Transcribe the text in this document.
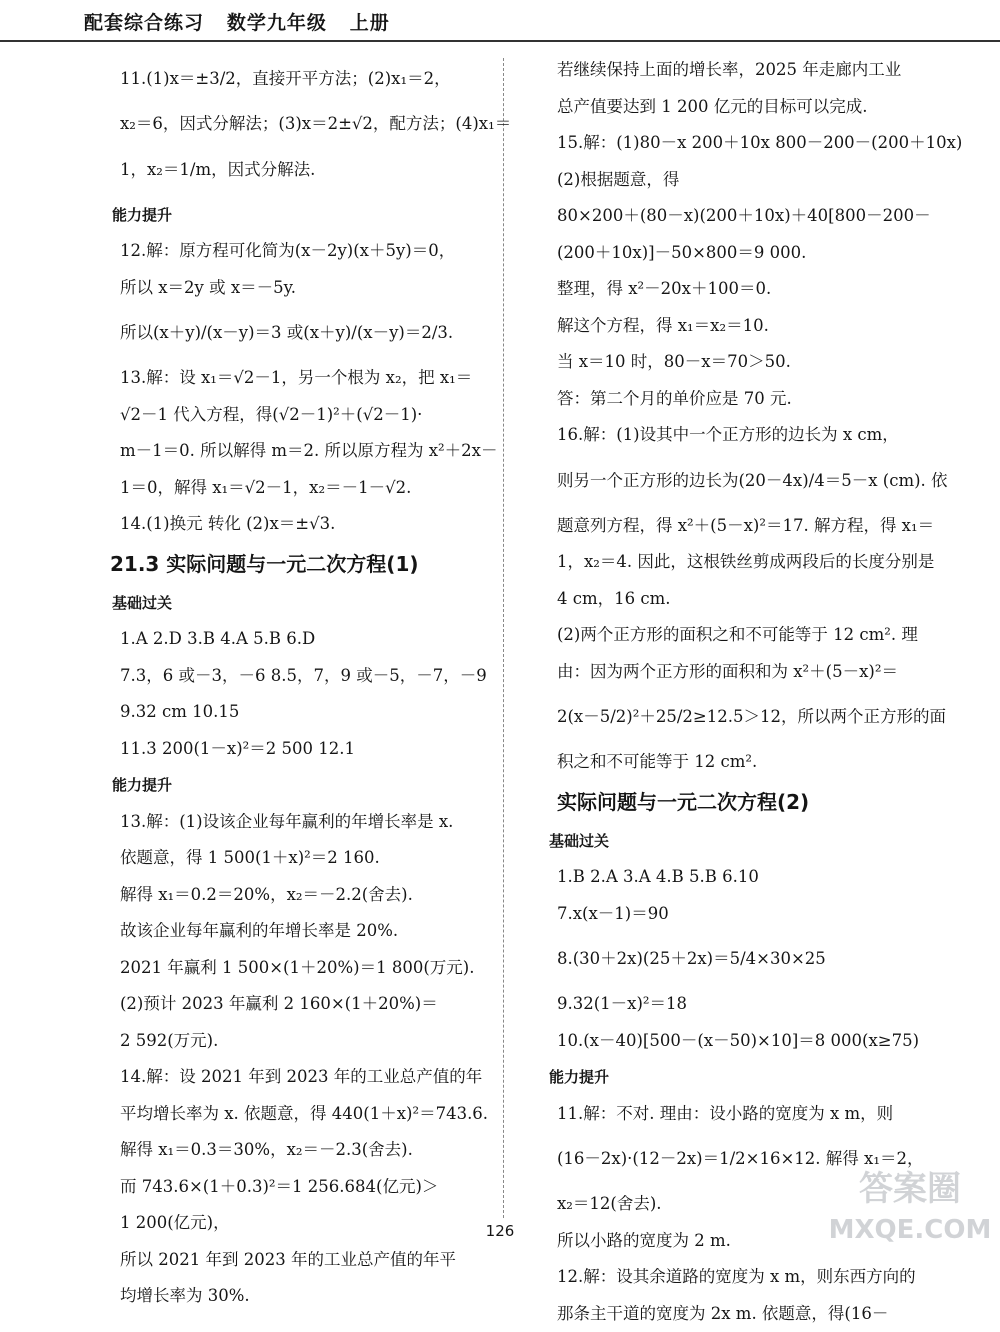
配套综合练习   数学九年级   上册
11.(1)x＝±3/2，直接开平方法；(2)x₁＝2，
x₂＝6，因式分解法；(3)x＝2±√2，配方法；(4)x₁＝
1，x₂＝1/m，因式分解法.
能力提升
12.解：原方程可化简为(x－2y)(x＋5y)＝0，
所以 x＝2y 或 x＝－5y.
所以(x＋y)/(x－y)＝3 或(x＋y)/(x－y)＝2/3.
13.解：设 x₁＝√2－1，另一个根为 x₂，把 x₁＝
√2－1 代入方程，得(√2－1)²＋(√2－1)·
m－1＝0. 所以解得 m＝2. 所以原方程为 x²＋2x－
1＝0，解得 x₁＝√2－1，x₂＝－1－√2.
14.(1)换元 转化 (2)x＝±√3.
21.3 实际问题与一元二次方程(1)
基础过关
1.A 2.D 3.B 4.A 5.B 6.D
7.3，6 或－3，－6 8.5，7，9 或－5，－7，－9
9.32 cm 10.15
11.3 200(1－x)²＝2 500 12.1
能力提升
13.解：(1)设该企业每年赢利的年增长率是 x.
依题意，得 1 500(1＋x)²＝2 160.
解得 x₁＝0.2＝20%，x₂＝－2.2(舍去).
故该企业每年赢利的年增长率是 20%.
2021 年赢利 1 500×(1＋20%)＝1 800(万元).
(2)预计 2023 年赢利 2 160×(1＋20%)＝
2 592(万元).
14.解：设 2021 年到 2023 年的工业总产值的年
平均增长率为 x. 依题意，得 440(1＋x)²＝743.6.
解得 x₁＝0.3＝30%，x₂＝－2.3(舍去).
而 743.6×(1＋0.3)²＝1 256.684(亿元)＞
1 200(亿元)，
所以 2021 年到 2023 年的工业总产值的年平
均增长率为 30%.
若继续保持上面的增长率，2025 年走廊内工业
总产值要达到 1 200 亿元的目标可以完成.
15.解：(1)80－x 200＋10x 800－200－(200＋10x)
(2)根据题意，得
80×200＋(80－x)(200＋10x)＋40[800－200－
(200＋10x)]－50×800＝9 000.
整理，得 x²－20x＋100＝0.
解这个方程，得 x₁＝x₂＝10.
当 x＝10 时，80－x＝70＞50.
答：第二个月的单价应是 70 元.
16.解：(1)设其中一个正方形的边长为 x cm，
则另一个正方形的边长为(20－4x)/4＝5－x (cm). 依
题意列方程，得 x²＋(5－x)²＝17. 解方程，得 x₁＝
1，x₂＝4. 因此，这根铁丝剪成两段后的长度分别是
4 cm，16 cm.
(2)两个正方形的面积之和不可能等于 12 cm². 理
由：因为两个正方形的面积和为 x²＋(5－x)²＝
2(x－5/2)²＋25/2≥12.5＞12，所以两个正方形的面
积之和不可能等于 12 cm².
实际问题与一元二次方程(2)
基础过关
1.B 2.A 3.A 4.B 5.B 6.10
7.x(x－1)＝90
8.(30＋2x)(25＋2x)＝5/4×30×25
9.32(1－x)²＝18
10.(x－40)[500－(x－50)×10]＝8 000(x≥75)
能力提升
11.解：不对. 理由：设小路的宽度为 x m，则
(16－2x)·(12－2x)＝1/2×16×12. 解得 x₁＝2，
x₂＝12(舍去).
所以小路的宽度为 2 m.
12.解：设其余道路的宽度为 x m，则东西方向的
那条主干道的宽度为 2x m. 依题意，得(16－
126
答案圈
MXQE.COM
